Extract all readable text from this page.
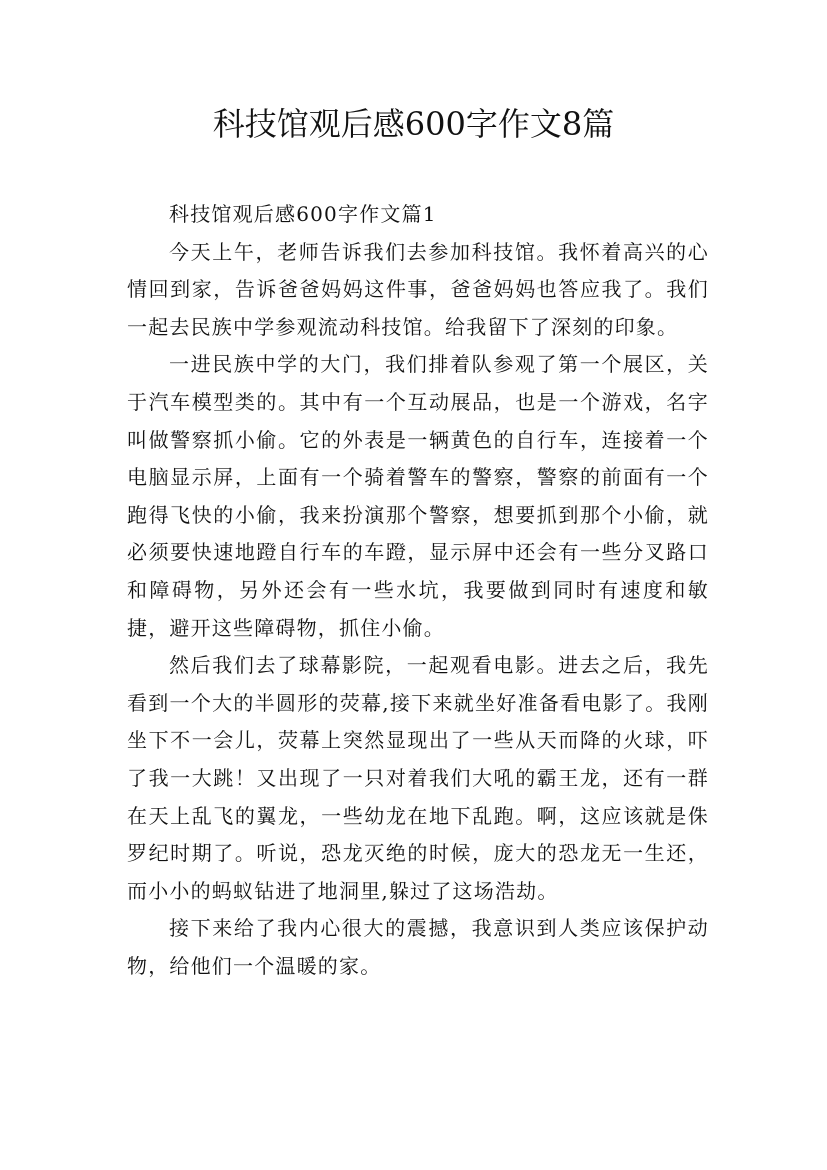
科技馆观后感600字作文8篇

科技馆观后感600字作文篇1

今天上午，老师告诉我们去参加科技馆。我怀着高兴的心情回到家，告诉爸爸妈妈这件事，爸爸妈妈也答应我了。我们一起去民族中学参观流动科技馆。给我留下了深刻的印象。

一进民族中学的大门，我们排着队参观了第一个展区，关于汽车模型类的。其中有一个互动展品，也是一个游戏，名字叫做警察抓小偷。它的外表是一辆黄色的自行车，连接着一个电脑显示屏，上面有一个骑着警车的警察，警察的前面有一个跑得飞快的小偷，我来扮演那个警察，想要抓到那个小偷，就必须要快速地蹬自行车的车蹬，显示屏中还会有一些分叉路口和障碍物，另外还会有一些水坑，我要做到同时有速度和敏捷，避开这些障碍物，抓住小偷。

然后我们去了球幕影院，一起观看电影。进去之后，我先看到一个大的半圆形的荧幕,接下来就坐好准备看电影了。我刚坐下不一会儿，荧幕上突然显现出了一些从天而降的火球，吓了我一大跳！又出现了一只对着我们大吼的霸王龙，还有一群在天上乱飞的翼龙，一些幼龙在地下乱跑。啊，这应该就是侏罗纪时期了。听说，恐龙灭绝的时候，庞大的恐龙无一生还，而小小的蚂蚁钻进了地洞里,躲过了这场浩劫。

接下来给了我内心很大的震撼，我意识到人类应该保护动物，给他们一个温暖的家。
